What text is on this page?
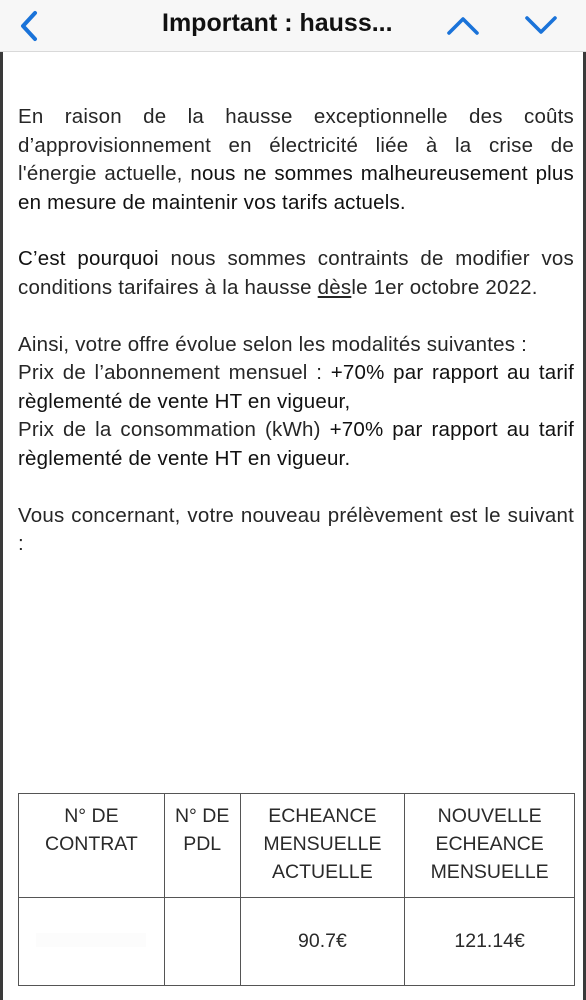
Important : hauss...

En raison de la hausse exceptionnelle des coûts d’approvisionnement en électricité liée à la crise de l'énergie actuelle, nous ne sommes malheureusement plus en mesure de maintenir vos tarifs actuels.

C’est pourquoi nous sommes contraints de modifier vos conditions tarifaires à la hausse dèsle 1er octobre 2022.

Ainsi, votre offre évolue selon les modalités suivantes :
Prix de l’abonnement mensuel : +70% par rapport au tarif règlementé de vente HT en vigueur,
Prix de la consommation (kWh) +70% par rapport au tarif règlementé de vente HT en vigueur.

Vous concernant, votre nouveau prélèvement est le suivant :

N° DE CONTRAT	N° DE PDL	ECHEANCE MENSUELLE ACTUELLE	NOUVELLE ECHEANCE MENSUELLE
		90.7€	121.14€
